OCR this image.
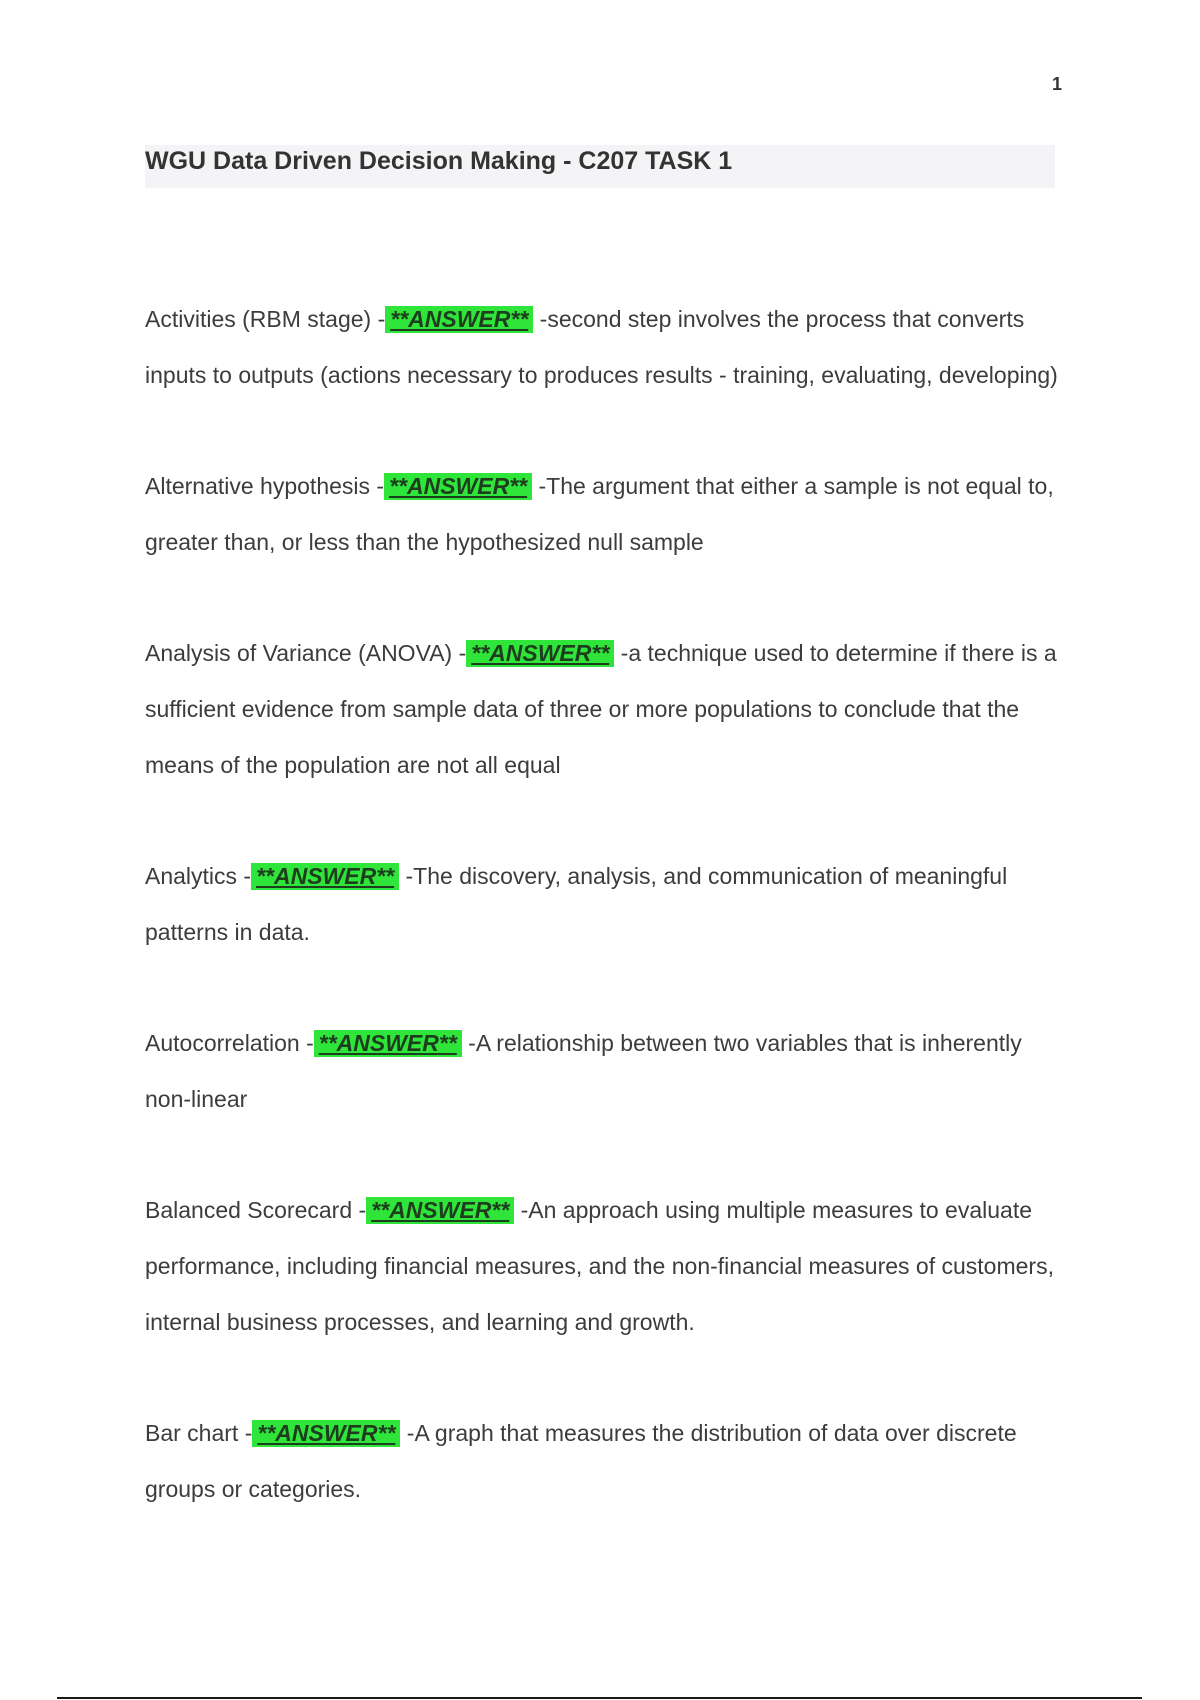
1
WGU Data Driven Decision Making - C207 TASK 1

Activities (RBM stage) - **ANSWER** -second step involves the process that converts inputs to outputs (actions necessary to produces results - training, evaluating, developing)

Alternative hypothesis - **ANSWER** -The argument that either a sample is not equal to, greater than, or less than the hypothesized null sample

Analysis of Variance (ANOVA) - **ANSWER** -a technique used to determine if there is a sufficient evidence from sample data of three or more populations to conclude that the means of the population are not all equal

Analytics - **ANSWER** -The discovery, analysis, and communication of meaningful patterns in data.

Autocorrelation - **ANSWER** -A relationship between two variables that is inherently non-linear

Balanced Scorecard - **ANSWER** -An approach using multiple measures to evaluate performance, including financial measures, and the non-financial measures of customers, internal business processes, and learning and growth.

Bar chart - **ANSWER** -A graph that measures the distribution of data over discrete groups or categories.
